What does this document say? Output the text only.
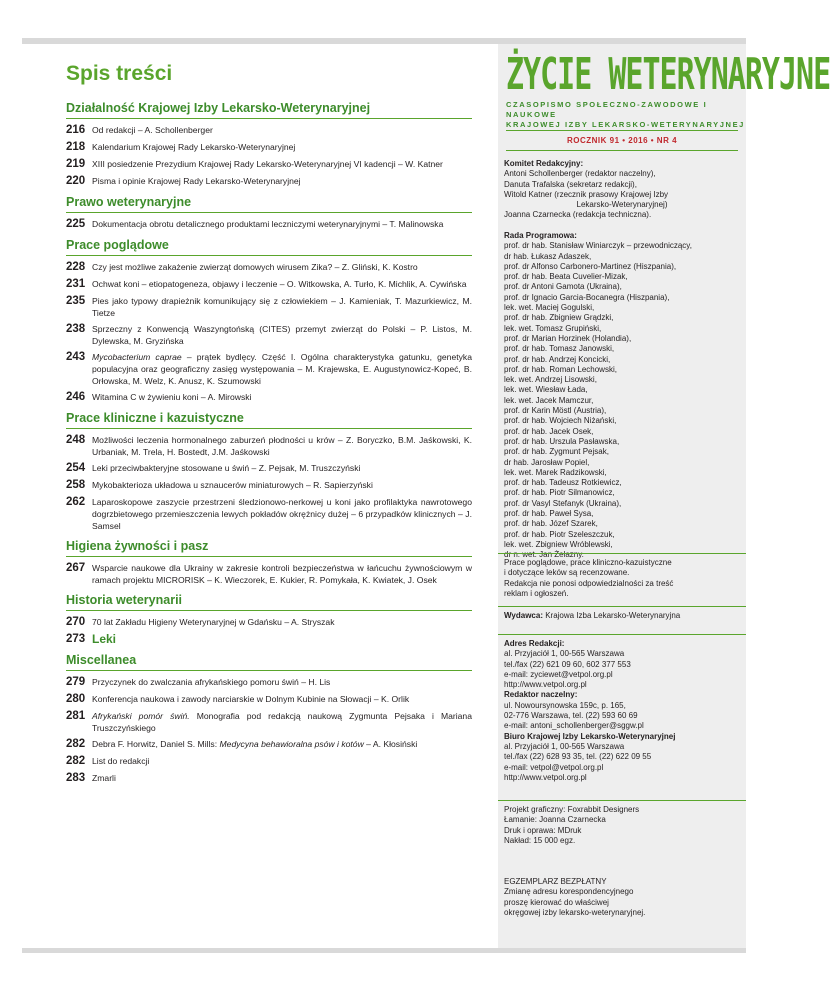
Spis treści
Działalność Krajowej Izby Lekarsko-Weterynaryjnej
216 Od redakcji – A. Schollenberger
218 Kalendarium Krajowej Rady Lekarsko-Weterynaryjnej
219 XIII posiedzenie Prezydium Krajowej Rady Lekarsko-Weterynaryjnej VI kadencji – W. Katner
220 Pisma i opinie Krajowej Rady Lekarsko-Weterynaryjnej
Prawo weterynaryjne
225 Dokumentacja obrotu detalicznego produktami leczniczymi weterynaryjnymi – T. Malinowska
Prace poglądowe
228 Czy jest możliwe zakażenie zwierząt domowych wirusem Zika? – Z. Gliński, K. Kostro
231 Ochwat koni – etiopatogeneza, objawy i leczenie – O. Witkowska, A. Turło, K. Michlik, A. Cywińska
235 Pies jako typowy drapieżnik komunikujący się z człowiekiem – J. Kamieniak, T. Mazurkiewicz, M. Tietze
238 Sprzeczny z Konwencją Waszyngtońską (CITES) przemyt zwierząt do Polski – P. Listos, M. Dylewska, M. Gryzińska
243 Mycobacterium caprae – prątek bydlęcy. Część I. Ogólna charakterystyka gatunku, genetyka populacyjna oraz geograficzny zasięg występowania – M. Krajewska, E. Augustynowicz-Kopeć, B. Orłowska, M. Welz, K. Anusz, K. Szumowski
246 Witamina C w żywieniu koni – A. Mirowski
Prace kliniczne i kazuistyczne
248 Możliwości leczenia hormonalnego zaburzeń płodności u krów – Z. Boryczko, B.M. Jaśkowski, K. Urbaniak, M. Trela, H. Bostedt, J.M. Jaśkowski
254 Leki przeciwbakteryjne stosowane u świń – Z. Pejsak, M. Truszczyński
258 Mykobakterioza układowa u sznaucerów miniaturowych – R. Sapierzyński
262 Laparoskopowe zaszycie przestrzeni śledzionowo-nerkowej u koni jako profilaktyka nawrotowego dogrzbietowego przemieszczenia lewych pokładów okrężnicy dużej – 6 przypadków klinicznych – J. Samsel
Higiena żywności i pasz
267 Wsparcie naukowe dla Ukrainy w zakresie kontroli bezpieczeństwa w łańcuchu żywnościowym w ramach projektu MICRORISK – K. Wieczorek, E. Kukier, R. Pomykała, K. Kwiatek, J. Osek
Historia weterynarii
270 70 lat Zakładu Higieny Weterynaryjnej w Gdańsku – A. Stryszak
273 Leki
Miscellanea
279 Przyczynek do zwalczania afrykańskiego pomoru świń – H. Lis
280 Konferencja naukowa i zawody narciarskie w Dolnym Kubinie na Słowacji – K. Orlik
281 Afrykański pomór świń. Monografia pod redakcją naukową Zygmunta Pejsaka i Mariana Truszczyńskiego
282 Debra F. Horwitz, Daniel S. Mills: Medycyna behawioralna psów i kotów – A. Kłosiński
282 List do redakcji
283 Zmarli
ŻYCIE WETERYNARYJNE
CZASOPISMO SPOŁECZNO-ZAWODOWE I NAUKOWE
KRAJOWEJ IZBY LEKARSKO-WETERYNARYJNEJ
ROCZNIK 91 • 2016 • NR 4

Komitet Redakcyjny:

Antoni Schollenberger (redaktor naczelny),

Danuta Trafalska (sekretarz redakcji),

Witold Katner (rzecznik prasowy Krajowej Izby

Lekarsko-Weterynaryjnej)

Joanna Czarnecka (redakcja techniczna).

Rada Programowa:

prof. dr hab. Stanisław Winiarczyk – przewodniczący,

dr hab. Łukasz Adaszek,

prof. dr Alfonso Carbonero-Martinez (Hiszpania),

prof. dr hab. Beata Cuvelier-Mizak,

prof. dr Antoni Gamota (Ukraina),

prof. dr Ignacio Garcia-Bocanegra (Hiszpania),

lek. wet. Maciej Gogulski,

prof. dr hab. Zbigniew Grądzki,

lek. wet. Tomasz Grupiński,

prof. dr Marian Horzinek (Holandia),

prof. dr hab. Tomasz Janowski,

prof. dr hab. Andrzej Koncicki,

prof. dr hab. Roman Lechowski,

lek. wet. Andrzej Lisowski,

lek. wet. Wiesław Łada,

lek. wet. Jacek Mamczur,

prof. dr Karin Möstl (Austria),

prof. dr hab. Wojciech Niżański,

prof. dr hab. Jacek Osek,

prof. dr hab. Urszula Pasławska,

prof. dr hab. Zygmunt Pejsak,

dr hab. Jarosław Popiel,

lek. wet. Marek Radzikowski,

prof. dr hab. Tadeusz Rotkiewicz,

prof. dr hab. Piotr Silmanowicz,

prof. dr Vasyl Stefanyk (Ukraina),

prof. dr hab. Paweł Sysa,

prof. dr hab. Józef Szarek,

prof. dr hab. Piotr Szeleszczuk,

lek. wet. Zbigniew Wróblewski,

dr n. wet. Jan Żelazny.

Prace poglądowe, prace kliniczno-kazuistyczne

i dotyczące leków są recenzowane.

Redakcja nie ponosi odpowiedzialności za treść

reklam i ogłoszeń.

Wydawca: Krajowa Izba Lekarsko-Weterynaryjna

Adres Redakcji:

al. Przyjaciół 1, 00-565 Warszawa

tel./fax (22) 621 09 60, 602 377 553

e-mail: zyciewet@vetpol.org.pl

http://www.vetpol.org.pl

Redaktor naczelny:

ul. Nowoursynowska 159c, p. 165,

02-776 Warszawa, tel. (22) 593 60 69

e-mail: antoni_schollenberger@sggw.pl

Biuro Krajowej Izby Lekarsko-Weterynaryjnej

al. Przyjaciół 1, 00-565 Warszawa

tel./fax (22) 628 93 35, tel. (22) 622 09 55

e-mail: vetpol@vetpol.org.pl

http://www.vetpol.org.pl

Projekt graficzny: Foxrabbit Designers

Łamanie: Joanna Czarnecka

Druk i oprawa: MDruk

Nakład: 15 000 egz.

EGZEMPLARZ BEZPŁATNY

Zmianę adresu korespondencyjnego

proszę kierować do właściwej

okręgowej izby lekarsko-weterynaryjnej.
